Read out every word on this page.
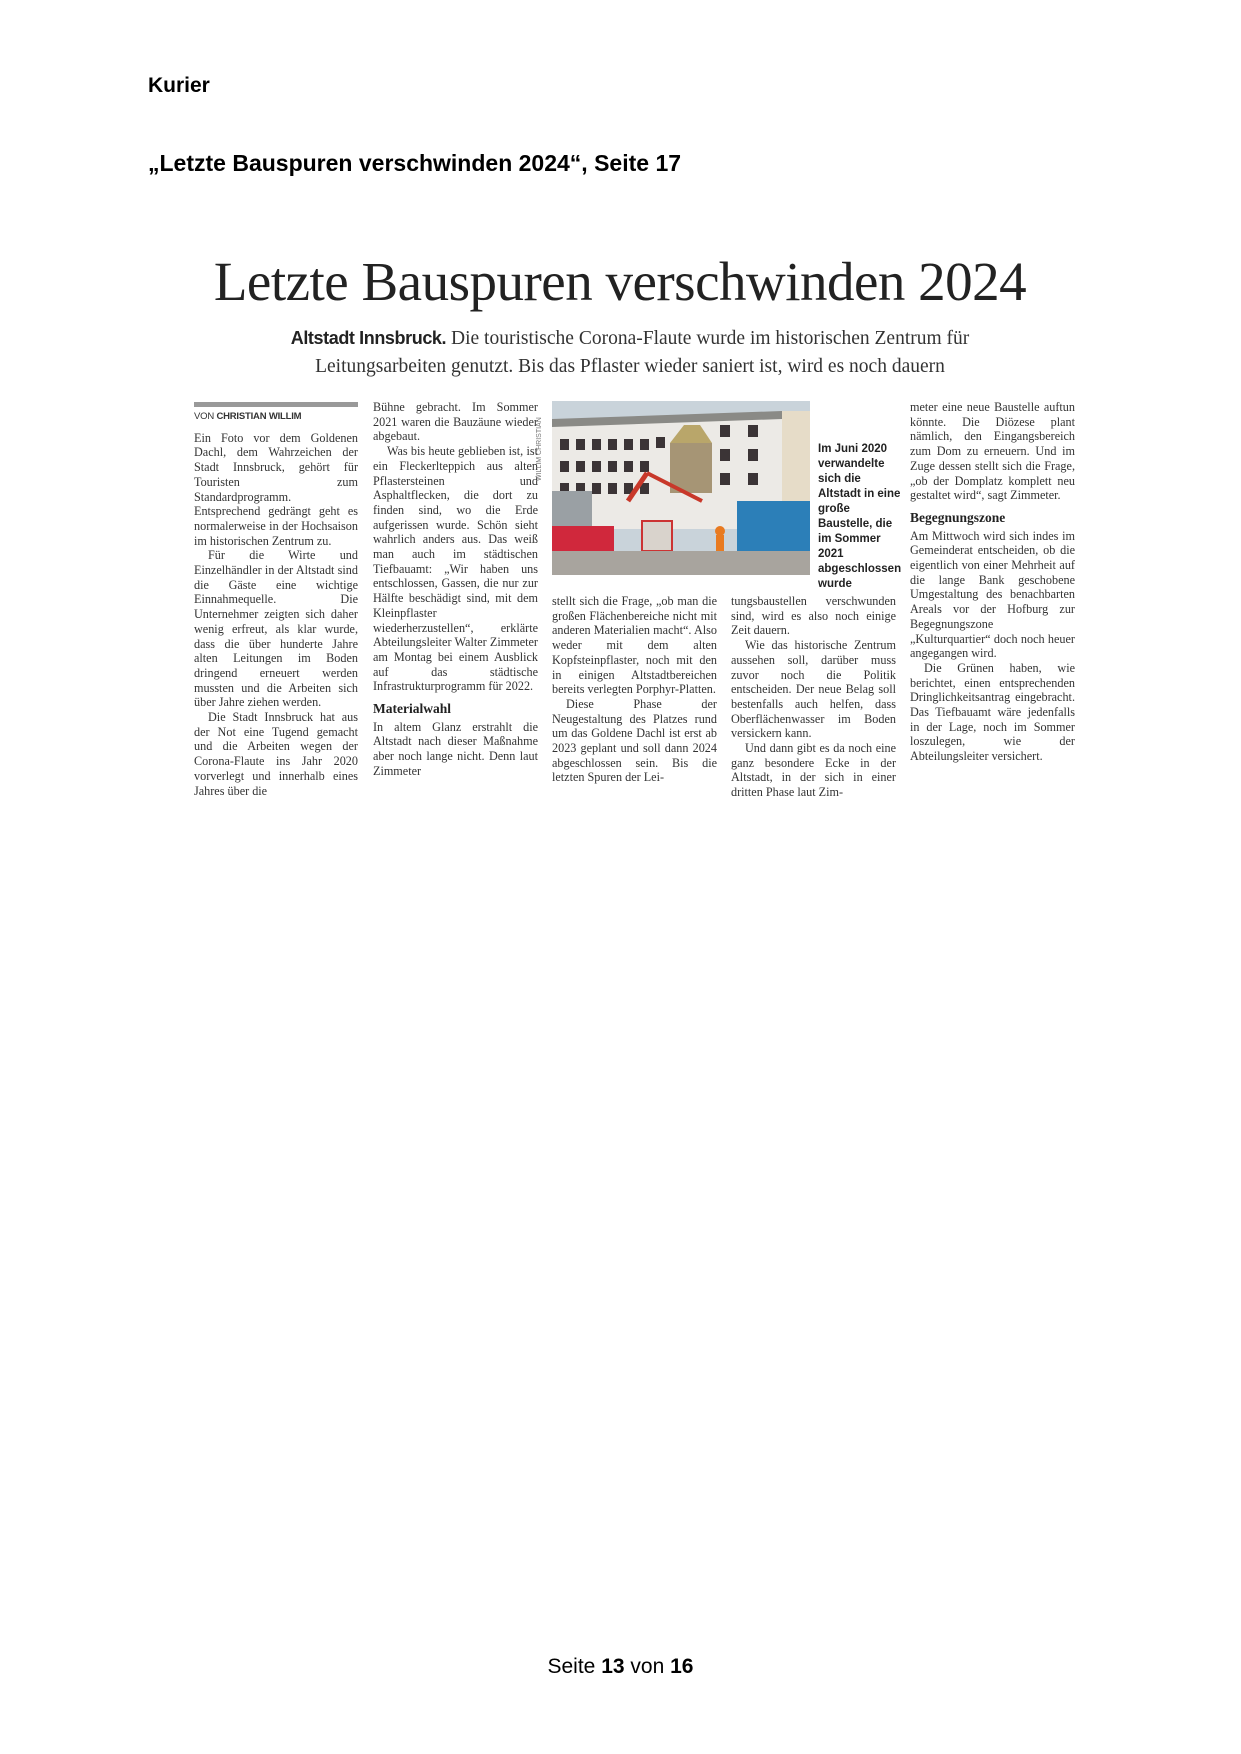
Kurier
„Letzte Bauspuren verschwinden 2024“, Seite 17
Letzte Bauspuren verschwinden 2024
Altstadt Innsbruck. Die touristische Corona-Flaute wurde im historischen Zentrum für Leitungsarbeiten genutzt. Bis das Pflaster wieder saniert ist, wird es noch dauern
VON CHRISTIAN WILLIM

Ein Foto vor dem Goldenen Dachl, dem Wahrzeichen der Stadt Innsbruck, gehört für Touristen zum Standardprogramm. Entsprechend gedrängt geht es normalerweise in der Hochsaison im historischen Zentrum zu.

Für die Wirte und Einzelhändler in der Altstadt sind die Gäste eine wichtige Einnahmequelle. Die Unternehmer zeigten sich daher wenig erfreut, als klar wurde, dass die über hunderte Jahre alten Leitungen im Boden dringend erneuert werden mussten und die Arbeiten sich über Jahre ziehen werden.

Die Stadt Innsbruck hat aus der Not eine Tugend gemacht und die Arbeiten wegen der Corona-Flaute ins Jahr 2020 vorverlegt und innerhalb eines Jahres über die

Bühne gebracht. Im Sommer 2021 waren die Bauzäune wieder abgebaut.

Was bis heute geblieben ist, ist ein Fleckerlteppich aus alten Pflastersteinen und Asphaltflecken, die dort zu finden sind, wo die Erde aufgerissen wurde. Schön sieht wahrlich anders aus. Das weiß man auch im städtischen Tiefbauamt: „Wir haben uns entschlossen, Gassen, die nur zur Hälfte beschädigt sind, mit dem Kleinpflaster wiederherzustellen“, erklärte Abteilungsleiter Walter Zimmeter am Montag bei einem Ausblick auf das städtische Infrastrukturprogramm für 2022.

Materialwahl

In altem Glanz erstrahlt die Altstadt nach dieser Maßnahme aber noch lange nicht. Denn laut Zimmeter

WILLIM CHRISTIAN	Im Juni 2020 verwandelte sich die Altstadt in eine große Baustelle, die im Sommer 2021 abgeschlossen wurde

stellt sich die Frage, „ob man die großen Flächenbereiche nicht mit anderen Materialien macht“. Also weder mit dem alten Kopfsteinpflaster, noch mit den in einigen Altstadtbereichen bereits verlegten Porphyr-Platten.

Diese Phase der Neugestaltung des Platzes rund um das Goldene Dachl ist erst ab 2023 geplant und soll dann 2024 abgeschlossen sein. Bis die letzten Spuren der Lei-

tungsbaustellen verschwunden sind, wird es also noch einige Zeit dauern.

Wie das historische Zentrum aussehen soll, darüber muss zuvor noch die Politik entscheiden. Der neue Belag soll bestenfalls auch helfen, dass Oberflächenwasser im Boden versickern kann.

Und dann gibt es da noch eine ganz besondere Ecke in der Altstadt, in der sich in einer dritten Phase laut Zim-

meter eine neue Baustelle auftun könnte. Die Diözese plant nämlich, den Eingangsbereich zum Dom zu erneuern. Und im Zuge dessen stellt sich die Frage, „ob der Domplatz komplett neu gestaltet wird“, sagt Zimmeter.

Begegnungszone

Am Mittwoch wird sich indes im Gemeinderat entscheiden, ob die eigentlich von einer Mehrheit auf die lange Bank geschobene Umgestaltung des benachbarten Areals vor der Hofburg zur Begegnungszone „Kulturquartier“ doch noch heuer angegangen wird.

Die Grünen haben, wie berichtet, einen entsprechenden Dringlichkeitsantrag eingebracht. Das Tiefbauamt wäre jedenfalls in der Lage, noch im Sommer loszulegen, wie der Abteilungsleiter versichert.

Seite 13 von 16
